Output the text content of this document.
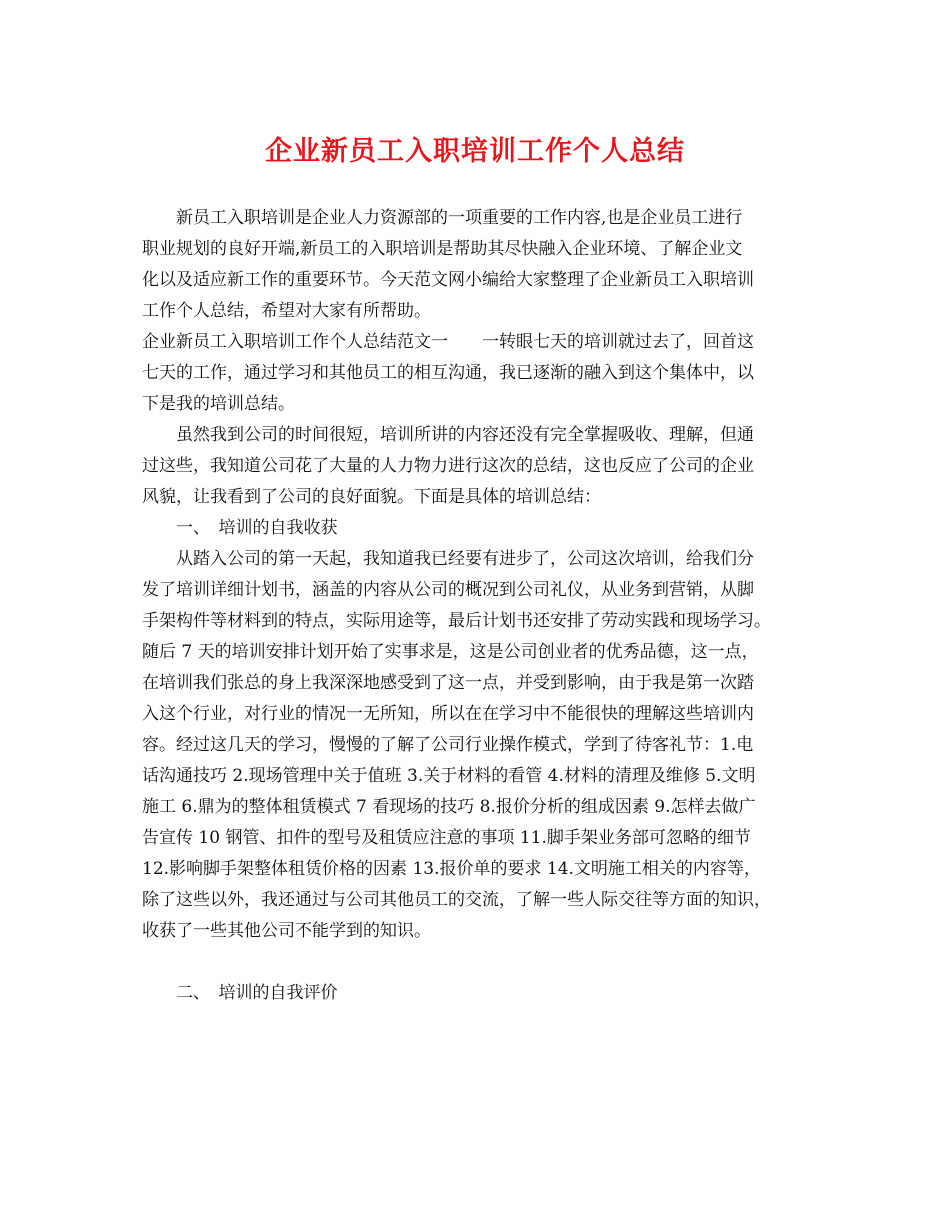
企业新员工入职培训工作个人总结
　　新员工入职培训是企业人力资源部的一项重要的工作内容,也是企业员工进行
职业规划的良好开端,新员工的入职培训是帮助其尽快融入企业环境、了解企业文
化以及适应新工作的重要环节。今天范文网小编给大家整理了企业新员工入职培训
工作个人总结，希望对大家有所帮助。
企业新员工入职培训工作个人总结范文一　　一转眼七天的培训就过去了，回首这
七天的工作，通过学习和其他员工的相互沟通，我已逐渐的融入到这个集体中，以
下是我的培训总结。
　　虽然我到公司的时间很短，培训所讲的内容还没有完全掌握吸收、理解，但通
过这些，我知道公司花了大量的人力物力进行这次的总结，这也反应了公司的企业
风貌，让我看到了公司的良好面貌。下面是具体的培训总结：
　　一、　培训的自我收获
　　从踏入公司的第一天起，我知道我已经要有进步了，公司这次培训，给我们分
发了培训详细计划书，涵盖的内容从公司的概况到公司礼仪，从业务到营销，从脚
手架构件等材料到的特点，实际用途等，最后计划书还安排了劳动实践和现场学习。
随后 7 天的培训安排计划开始了实事求是，这是公司创业者的优秀品德，这一点，
在培训我们张总的身上我深深地感受到了这一点，并受到影响，由于我是第一次踏
入这个行业，对行业的情况一无所知，所以在在学习中不能很快的理解这些培训内
容。经过这几天的学习，慢慢的了解了公司行业操作模式，学到了待客礼节：1.电
话沟通技巧 2.现场管理中关于值班 3.关于材料的看管 4.材料的清理及维修 5.文明
施工 6.鼎为的整体租赁模式 7 看现场的技巧 8.报价分析的组成因素 9.怎样去做广
告宣传 10 钢管、扣件的型号及租赁应注意的事项 11.脚手架业务部可忽略的细节
12.影响脚手架整体租赁价格的因素 13.报价单的要求 14.文明施工相关的内容等，
除了这些以外，我还通过与公司其他员工的交流，了解一些人际交往等方面的知识，
收获了一些其他公司不能学到的知识。
　　二、　培训的自我评价
